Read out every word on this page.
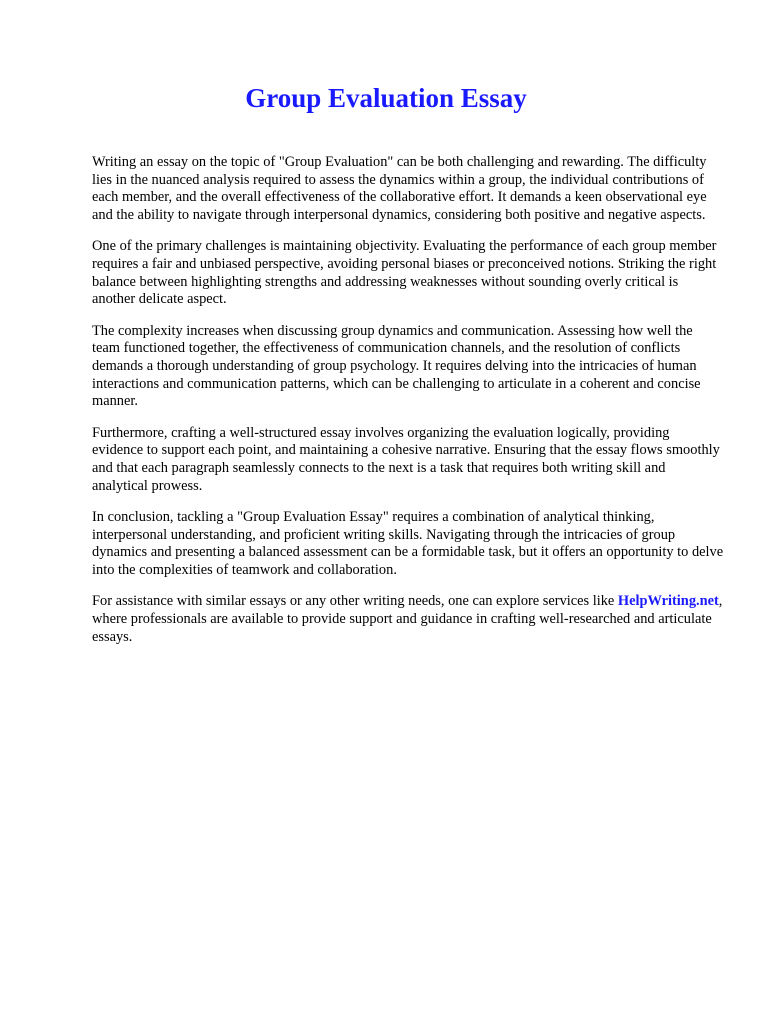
Group Evaluation Essay

Writing an essay on the topic of "Group Evaluation" can be both challenging and rewarding. The difficulty lies in the nuanced analysis required to assess the dynamics within a group, the individual contributions of each member, and the overall effectiveness of the collaborative effort. It demands a keen observational eye and the ability to navigate through interpersonal dynamics, considering both positive and negative aspects.

One of the primary challenges is maintaining objectivity. Evaluating the performance of each group member requires a fair and unbiased perspective, avoiding personal biases or preconceived notions. Striking the right balance between highlighting strengths and addressing weaknesses without sounding overly critical is another delicate aspect.

The complexity increases when discussing group dynamics and communication. Assessing how well the team functioned together, the effectiveness of communication channels, and the resolution of conflicts demands a thorough understanding of group psychology. It requires delving into the intricacies of human interactions and communication patterns, which can be challenging to articulate in a coherent and concise manner.

Furthermore, crafting a well-structured essay involves organizing the evaluation logically, providing evidence to support each point, and maintaining a cohesive narrative. Ensuring that the essay flows smoothly and that each paragraph seamlessly connects to the next is a task that requires both writing skill and analytical prowess.

In conclusion, tackling a "Group Evaluation Essay" requires a combination of analytical thinking, interpersonal understanding, and proficient writing skills. Navigating through the intricacies of group dynamics and presenting a balanced assessment can be a formidable task, but it offers an opportunity to delve into the complexities of teamwork and collaboration.

For assistance with similar essays or any other writing needs, one can explore services like HelpWriting.net, where professionals are available to provide support and guidance in crafting well-researched and articulate essays.
